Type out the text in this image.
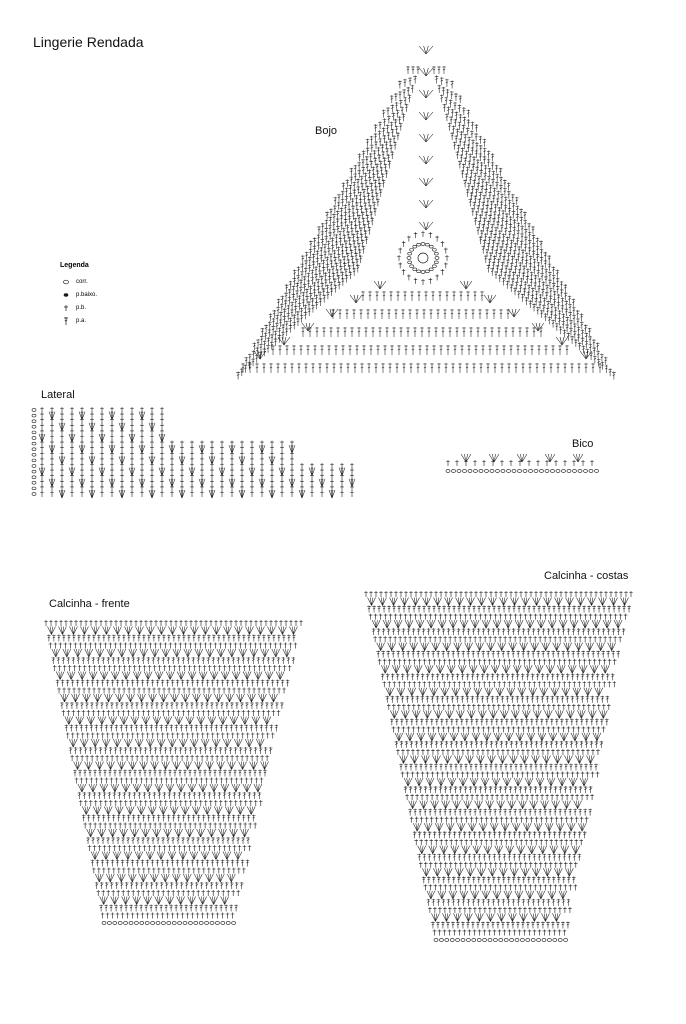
Lingerie Rendada
Bojo
Lateral
Bico
Calcinha - frente
Calcinha - costas
Legenda
corr.
p.baixo.
p.b.
p.a.
